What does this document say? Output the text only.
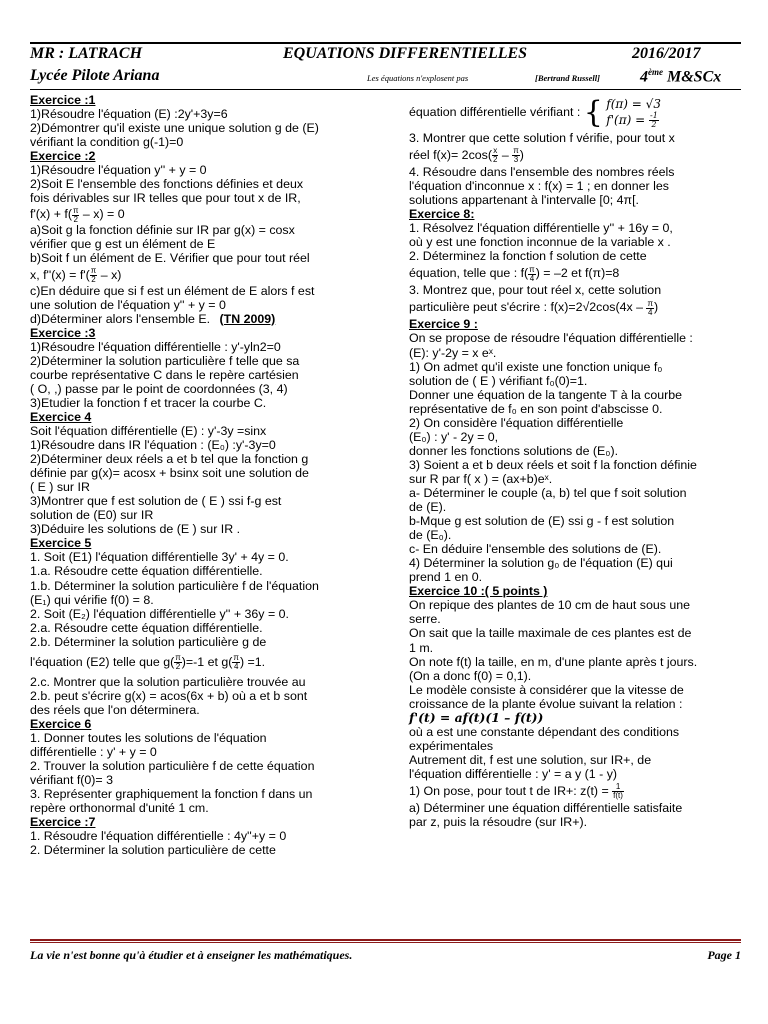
MR : LATRACH	EQUATIONS DIFFERENTIELLES	2016/2017
Lycée Pilote Ariana	Les équations n'explosent pas	[Bertrand Russell]	4ème M&SCx

Exercice :1

1)Résoudre l'équation (E) :2y'+3y=6

2)Démontrer qu'il existe une unique solution g de (E)

vérifiant la condition g(-1)=0

Exercice :2

1)Résoudre l'équation y'' + y = 0

2)Soit E l'ensemble des fonctions définies et deux

fois dérivables sur IR telles que pour tout x de IR,

$f'(x) + f( \frac{\pi}{2} - x) = 0$

a)Soit g la fonction définie sur IR par g(x) = cosx

vérifier que g est un élément de E

b)Soit f un élément de E. Vérifier que pour tout réel

x, $f''(x) = f'( \frac{\pi}{2} - x)$

c)En déduire que si f est un élément de E alors f est

une solution de l'équation y'' + y = 0

d)Déterminer alors l'ensemble E. (TN 2009)

Exercice :3

1)Résoudre l'équation différentielle : y'-yln2=0

2)Déterminer la solution particulière f telle que sa

courbe représentative C dans le repère cartésien

( O, ,) passe par le point de coordonnées (3, 4)

3)Etudier la fonction f et tracer la courbe C.

Exercice 4

Soit l'équation différentielle (E) : y'-3y =sinx

1)Résoudre dans IR l'équation : (E₀) :y'-3y=0

2)Déterminer deux réels a et b tel que la fonction g

définie par g(x)= acosx + bsinx soit une solution de

( E ) sur IR

3)Montrer que f est solution de ( E ) ssi f-g est

solution de (E0) sur IR

3)Déduire les solutions de (E ) sur IR .

Exercice 5

1. Soit (E1) l'équation différentielle 3y' + 4y = 0.

1.a. Résoudre cette équation différentielle.

1.b. Déterminer la solution particulière f de l'équation

(E₁) qui vérifie f(0) = 8.

2. Soit (E₂) l'équation différentielle y'' + 36y = 0.

2.a. Résoudre cette équation différentielle.

2.b. Déterminer la solution particulière g de

l'équation (E2) telle que $g( \frac{\pi}{2} )=-1$ et $g( \frac{\pi}{4}$ ) =1.

2.c. Montrer que la solution particulière trouvée au

2.b. peut s'écrire g(x) = acos(6x + b) où a et b sont

des réels que l'on déterminera.

Exercice 6

1. Donner toutes les solutions de l'équation

différentielle : y' + y = 0

2. Trouver la solution particulière f de cette équation

vérifiant f(0)= 3

3. Représenter graphiquement la fonction f dans un

repère orthonormal d'unité 1 cm.

Exercice :7

1. Résoudre l'équation différentielle : 4y''+y = 0

2. Déterminer la solution particulière de cette

équation différentielle vérifiant : { f(π) = √3
$f'(\pi) = \frac{-1}{2}$

3. Montrer que cette solution f vérifie, pour tout x

réel $f(x)= 2\cos( \frac{x}{2} - \frac{\pi}{3}$ )

4. Résoudre dans l'ensemble des nombres réels

l'équation d'inconnue x : f(x) = 1 ; en donner les

solutions appartenant à l'intervalle [0; 4π[.

Exercice 8:

1. Résolvez l'équation différentielle y'' + 16y = 0,

où y est une fonction inconnue de la variable x .

2. Déterminez la fonction f solution de cette

équation, telle que : $f( \frac{\pi}{4}$ ) = –2 et f(π)=8

3. Montrez que, pour tout réel x, cette solution

particulière peut s'écrire : $f(x)=2√2\cos(4x - \frac{\pi}{4}$ )

Exercice 9 :

On se propose de résoudre l'équation différentielle :

(E): y'-2y = x eˣ.

1) On admet qu'il existe une fonction unique f₀

solution de ( E ) vérifiant f₀(0)=1.

Donner une équation de la tangente T à la courbe

représentative de f₀ en son point d'abscisse 0.

2) On considère l'équation différentielle

(E₀) : y' - 2y = 0,

donner les fonctions solutions de (E₀).

3) Soient a et b deux réels et soit f la fonction définie

sur R par f( x ) = (ax+b)eˣ.

a- Déterminer le couple (a, b) tel que f soit solution

de (E).

b-Mque g est solution de (E) ssi g - f est solution

de (E₀).

c- En déduire l'ensemble des solutions de (E).

4) Déterminer la solution g₀ de l'équation (E) qui

prend 1 en 0.

Exercice 10 :( 5 points )

On repique des plantes de 10 cm de haut sous une

serre.

On sait que la taille maximale de ces plantes est de

1 m.

On note f(t) la taille, en m, d'une plante après t jours.

(On a donc f(0) = 0,1).

Le modèle consiste à considérer que la vitesse de

croissance de la plante évolue suivant la relation :

f'(t) = af(t)(1 – f(t))

où a est une constante dépendant des conditions

expérimentales

Autrement dit, f est une solution, sur IR+, de

l'équation différentielle : y' = a y (1 - y)

1) On pose, pour tout t de IR+: $z(t) = \frac{1}{f(t)}$

a) Déterminer une équation différentielle satisfaite

par z, puis la résoudre (sur IR+).

La vie n'est bonne qu'à étudier et à enseigner les mathématiques.	Page 1
